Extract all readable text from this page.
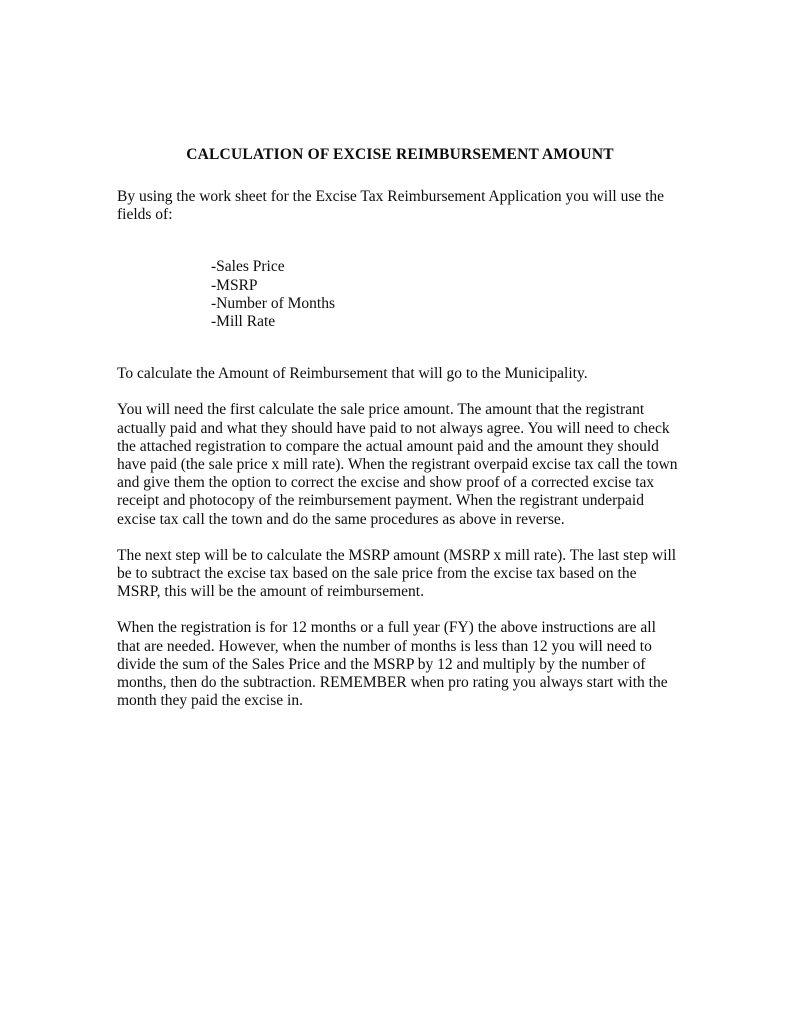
CALCULATION OF EXCISE REIMBURSEMENT AMOUNT

By using the work sheet for the Excise Tax Reimbursement Application you will use the fields of:

-Sales Price
-MSRP
-Number of Months
-Mill Rate

To calculate the Amount of Reimbursement that will go to the Municipality.

You will need the first calculate the sale price amount. The amount that the registrant actually paid and what they should have paid to not always agree. You will need to check the attached registration to compare the actual amount paid and the amount they should have paid (the sale price x mill rate). When the registrant overpaid excise tax call the town and give them the option to correct the excise and show proof of a corrected excise tax receipt and photocopy of the reimbursement payment. When the registrant underpaid excise tax call the town and do the same procedures as above in reverse.

The next step will be to calculate the MSRP amount (MSRP x mill rate). The last step will be to subtract the excise tax based on the sale price from the excise tax based on the MSRP, this will be the amount of reimbursement.

When the registration is for 12 months or a full year (FY) the above instructions are all that are needed. However, when the number of months is less than 12 you will need to divide the sum of the Sales Price and the MSRP by 12 and multiply by the number of months, then do the subtraction. REMEMBER when pro rating you always start with the month they paid the excise in.
